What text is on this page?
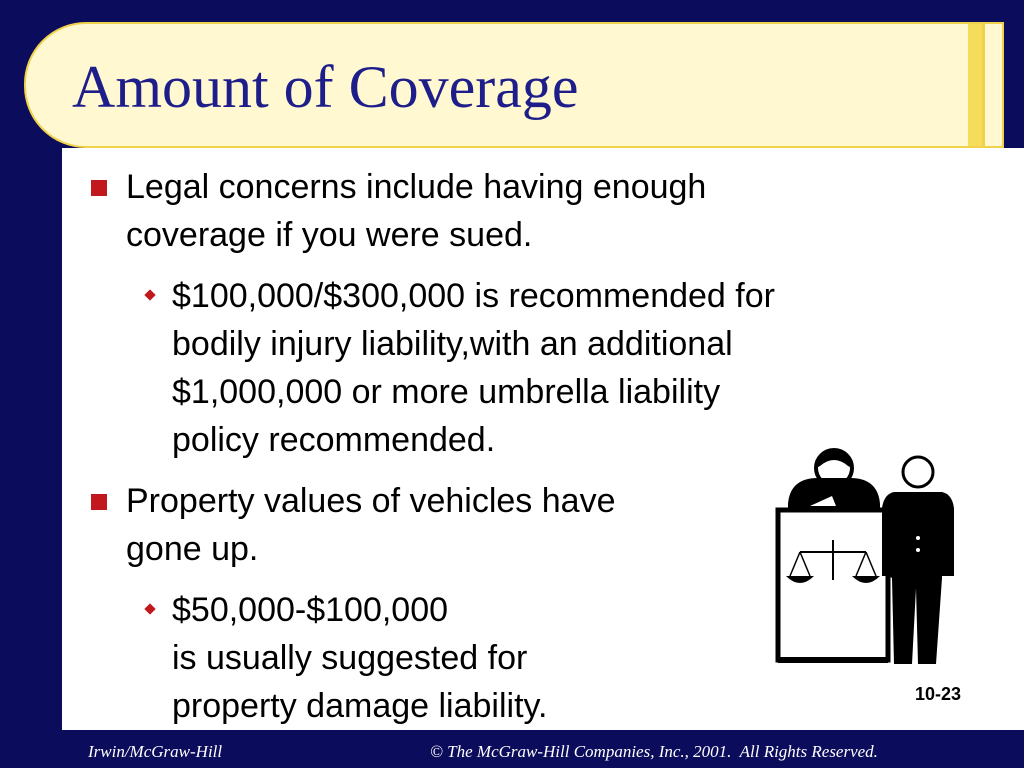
Amount of Coverage
Legal concerns include having enough
coverage if you were sued.
$100,000/$300,000 is recommended for
bodily injury liability,with an additional
$1,000,000 or more umbrella liability
policy recommended.
Property values of vehicles have
gone up.
$50,000-$100,000
is usually suggested for
property damage liability.	10-23
Irwin/McGraw-Hill	© The McGraw-Hill Companies, Inc., 2001.  All Rights Reserved.
